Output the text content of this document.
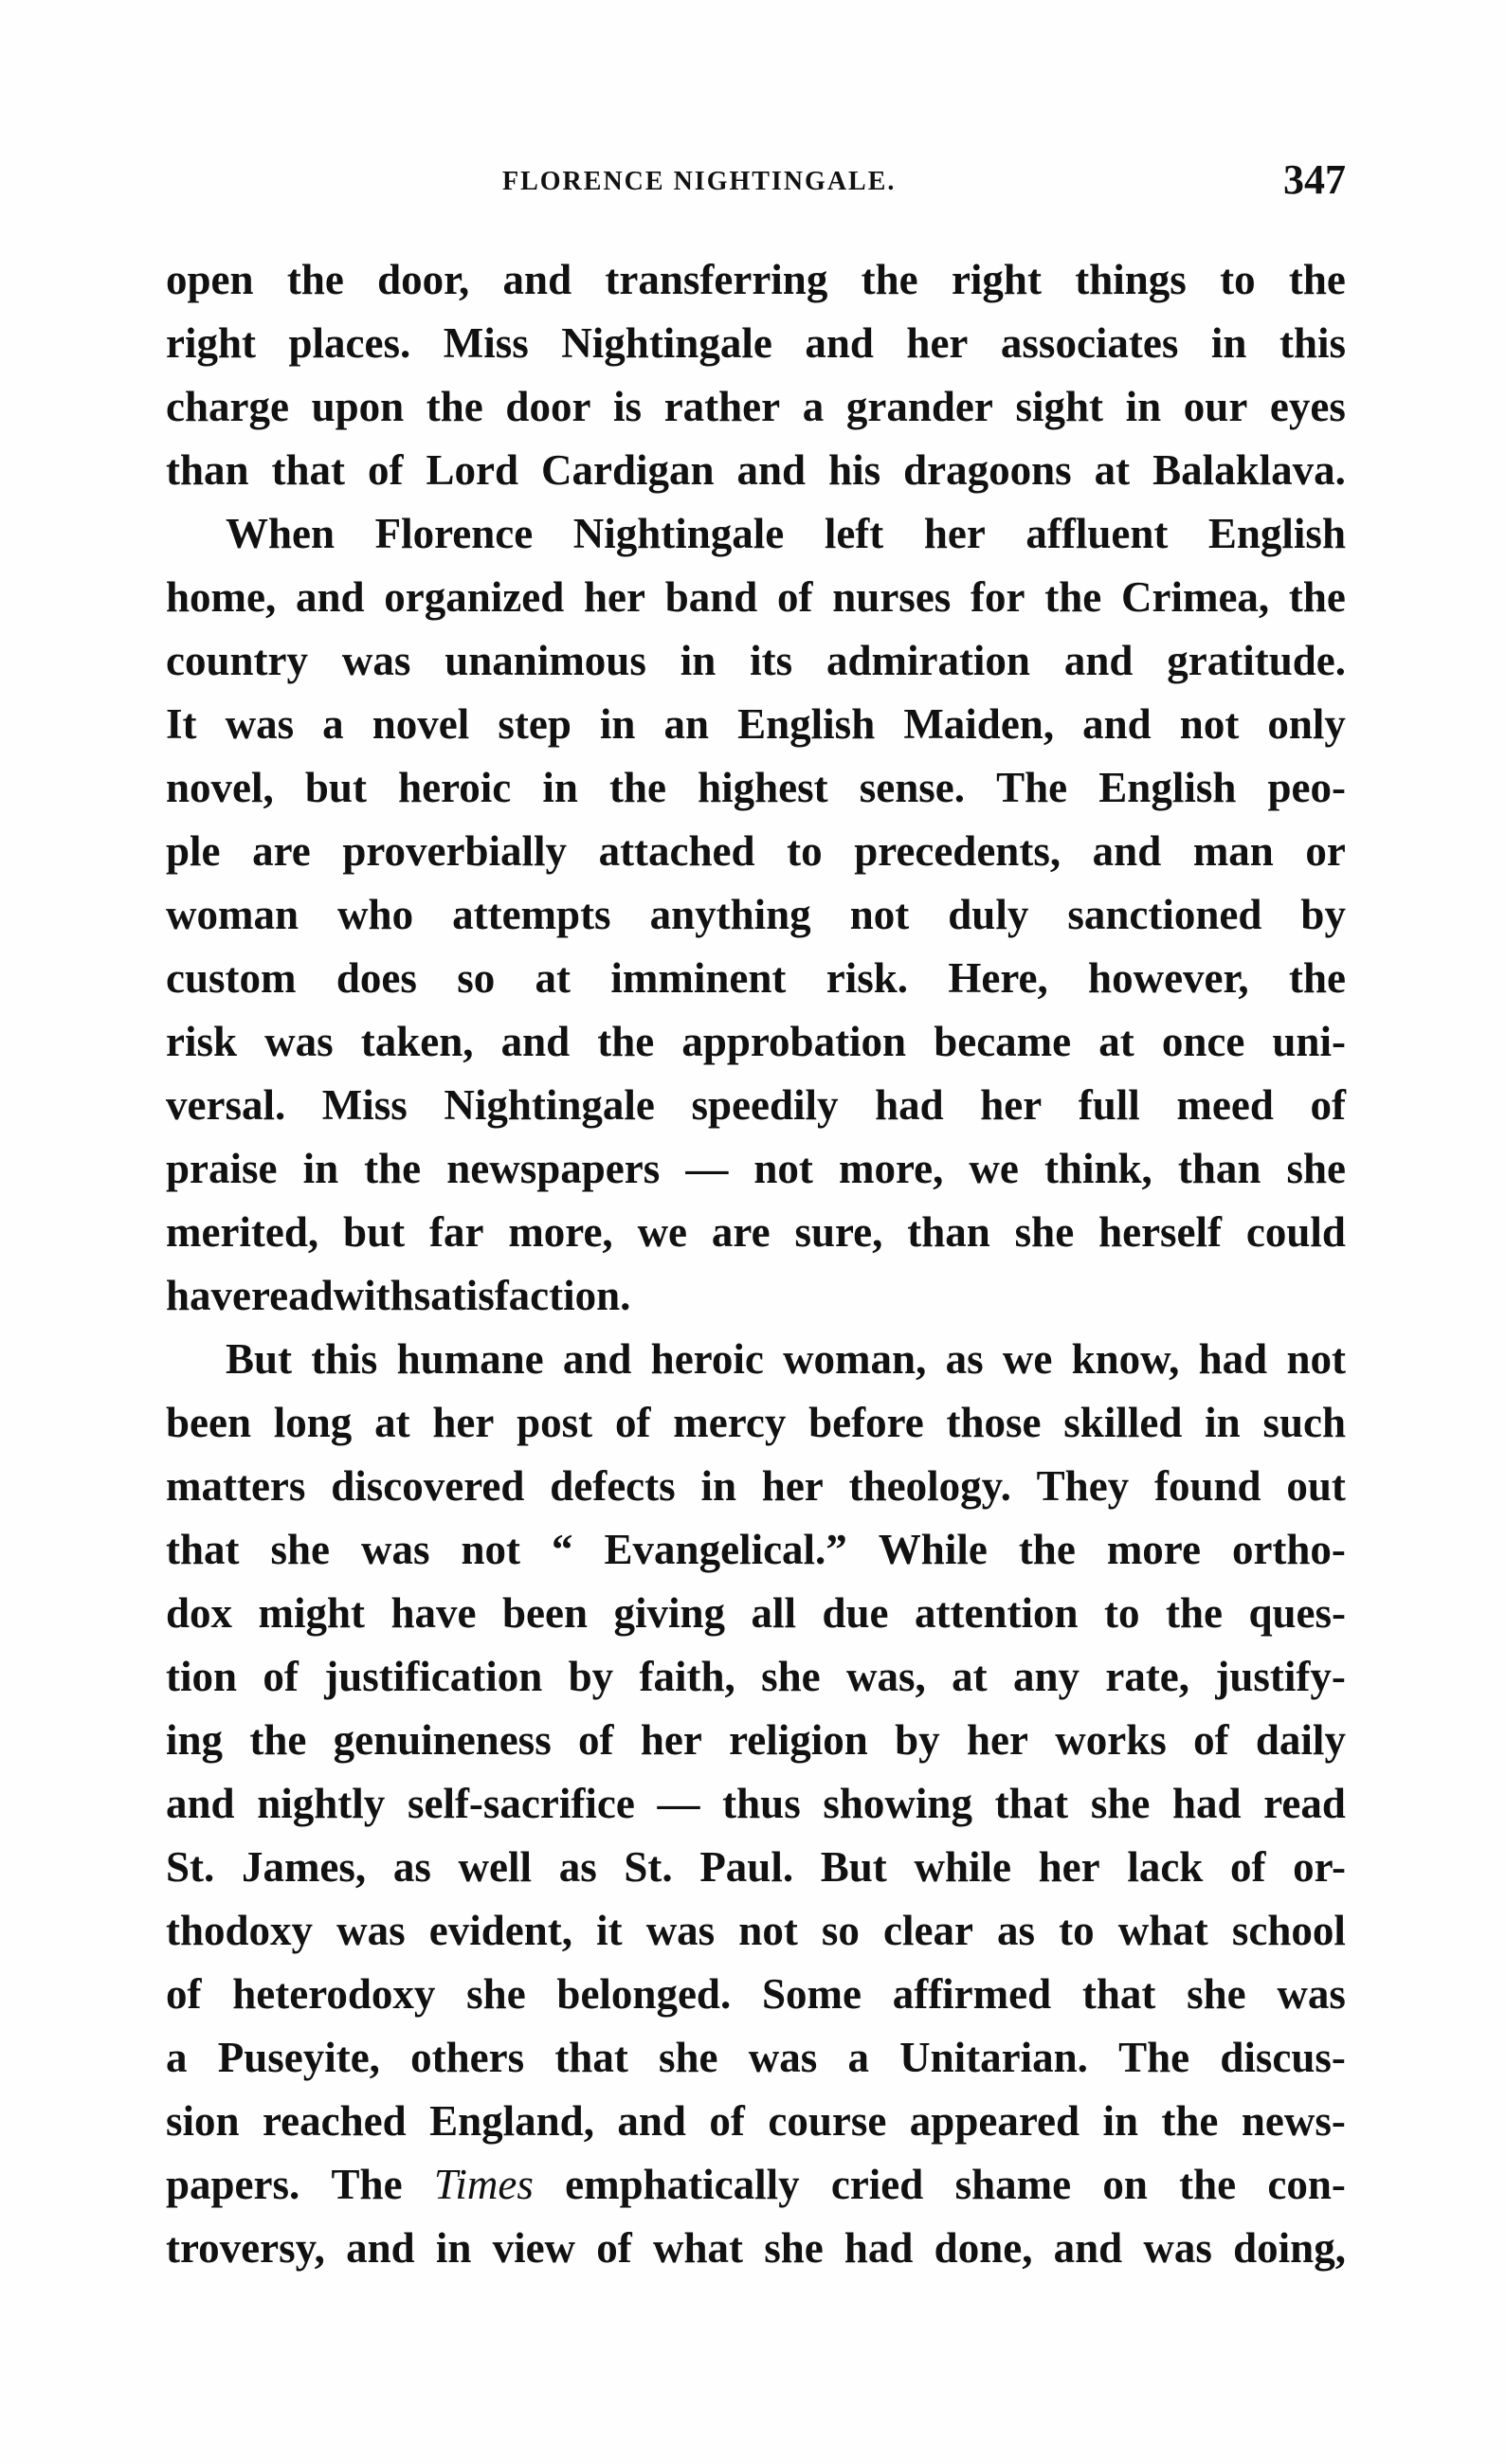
FLORENCE NIGHTINGALE.	347
open the door, and transferring the right things to the
right places. Miss Nightingale and her associates in this
charge upon the door is rather a grander sight in our eyes
than that of Lord Cardigan and his dragoons at Balaklava.
When Florence Nightingale left her affluent English
home, and organized her band of nurses for the Crimea, the
country was unanimous in its admiration and gratitude.
It was a novel step in an English Maiden, and not only
novel, but heroic in the highest sense. The English peo-
ple are proverbially attached to precedents, and man or
woman who attempts anything not duly sanctioned by
custom does so at imminent risk. Here, however, the
risk was taken, and the approbation became at once uni-
versal. Miss Nightingale speedily had her full meed of
praise in the newspapers — not more, we think, than she
merited, but far more, we are sure, than she herself could
have read with satisfaction.
But this humane and heroic woman, as we know, had not
been long at her post of mercy before those skilled in such
matters discovered defects in her theology. They found out
that she was not “ Evangelical.” While the more ortho-
dox might have been giving all due attention to the ques-
tion of justification by faith, she was, at any rate, justify-
ing the genuineness of her religion by her works of daily
and nightly self-sacrifice — thus showing that she had read
St. James, as well as St. Paul. But while her lack of or-
thodoxy was evident, it was not so clear as to what school
of heterodoxy she belonged. Some affirmed that she was
a Puseyite, others that she was a Unitarian. The discus-
sion reached England, and of course appeared in the news-
papers. The Times emphatically cried shame on the con-
troversy, and in view of what she had done, and was doing,
